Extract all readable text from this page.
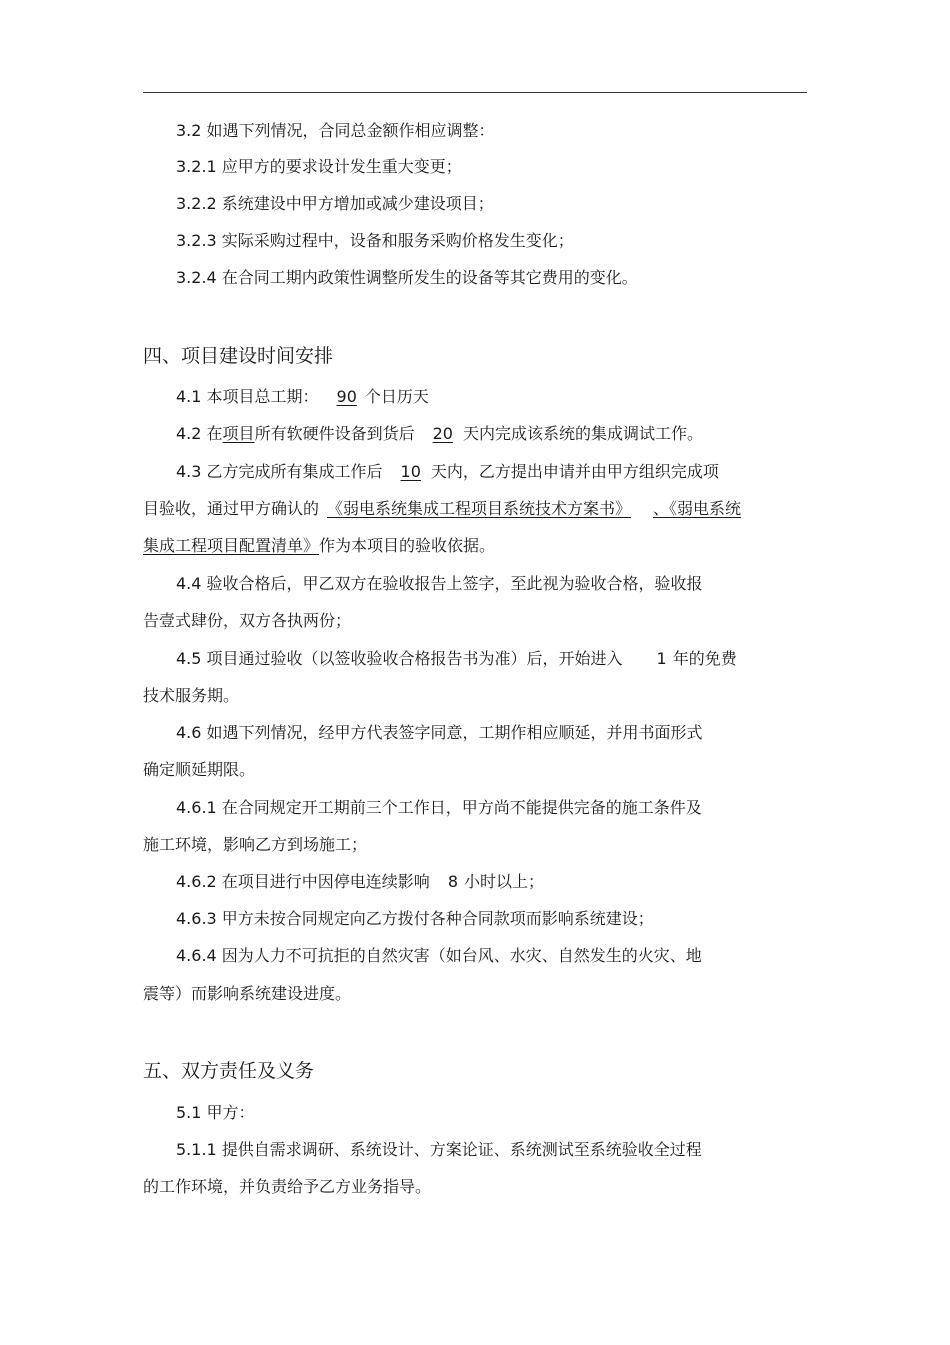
3.2 如遇下列情况，合同总金额作相应调整：
3.2.1 应甲方的要求设计发生重大变更；
3.2.2 系统建设中甲方增加或减少建设项目；
3.2.3 实际采购过程中，设备和服务采购价格发生变化；
3.2.4 在合同工期内政策性调整所发生的设备等其它费用的变化。
四、项目建设时间安排
4.1 本项目总工期： 90 个日历天
4.2 在项目所有软硬件设备到货后 20 天内完成该系统的集成调试工作。
4.3 乙方完成所有集成工作后 10 天内，乙方提出申请并由甲方组织完成项
目验收，通过甲方确认的 《弱电系统集成工程项目系统技术方案书》 、《弱电系统
集成工程项目配置清单》作为本项目的验收依据。
4.4 验收合格后，甲乙双方在验收报告上签字，至此视为验收合格，验收报
告壹式肆份，双方各执两份；
4.5 项目通过验收（以签收验收合格报告书为准）后，开始进入 1 年的免费
技术服务期。
4.6 如遇下列情况，经甲方代表签字同意，工期作相应顺延，并用书面形式
确定顺延期限。
4.6.1 在合同规定开工期前三个工作日，甲方尚不能提供完备的施工条件及
施工环境，影响乙方到场施工；
4.6.2 在项目进行中因停电连续影响 8 小时以上；
4.6.3 甲方未按合同规定向乙方拨付各种合同款项而影响系统建设；
4.6.4 因为人力不可抗拒的自然灾害（如台风、水灾、自然发生的火灾、地
震等）而影响系统建设进度。
五、双方责任及义务
5.1 甲方：
5.1.1 提供自需求调研、系统设计、方案论证、系统测试至系统验收全过程
的工作环境，并负责给予乙方业务指导。
